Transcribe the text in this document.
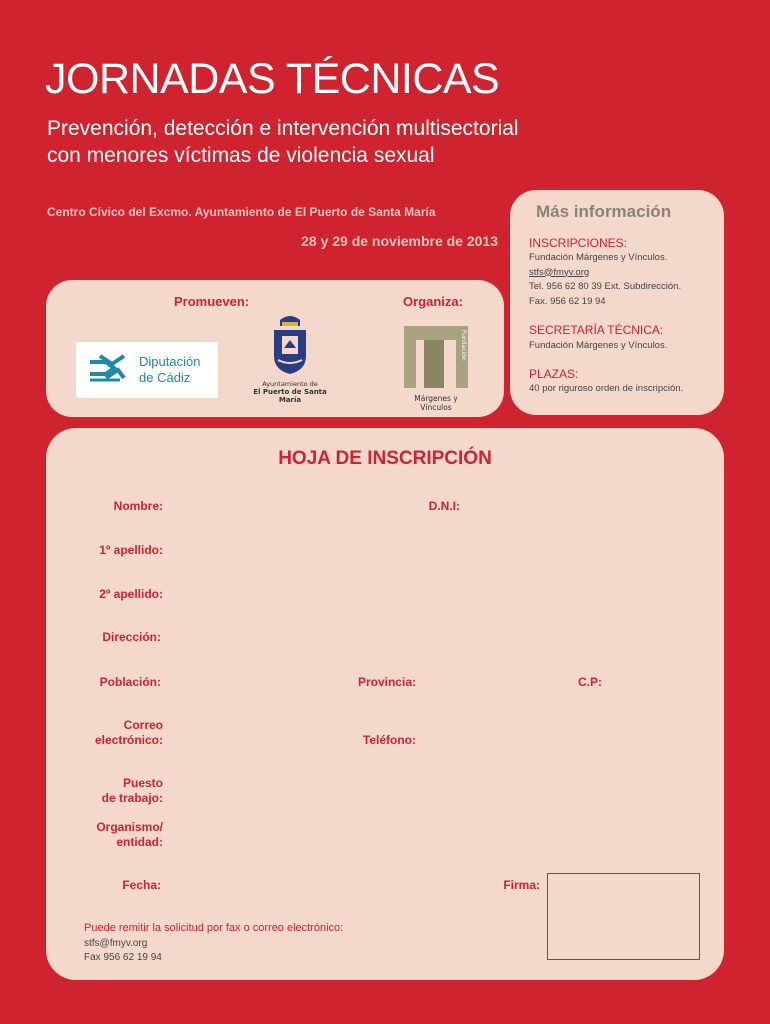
JORNADAS TÉCNICAS
Prevención, detección e intervención multisectorial
con menores víctimas de violencia sexual
Centro Cívico del Excmo. Ayuntamiento de El Puerto de Santa María
28 y 29 de noviembre de 2013
Promueven:	Organiza:
Diputación
de Cádiz	Ayuntamiento de
El Puerto de Santa María
Fundación
Márgenes y Vínculos
Más información
INSCRIPCIONES:
Fundación Márgenes y Vínculos.
stfs@fmyv.org
Tel. 956 62 80 39 Ext. Subdirección.
Fax. 956 62 19 94
SECRETARÍA TÉCNICA:
Fundación Márgenes y Vínculos.
PLAZAS:
40 por riguroso orden de inscripción.
HOJA DE INSCRIPCIÓN
Nombre:	D.N.I:
1º apellido:
2º apellido:
Dirección:
Población:	Provincia:	C.P:
Correo
electrónico:	Teléfono:
Puesto
de trabajo:
Organismo/
entidad:
Fecha:	Firma:
Puede remitir la solicitud por fax o correo electrónico:
stfs@fmyv.org
Fax 956 62 19 94
